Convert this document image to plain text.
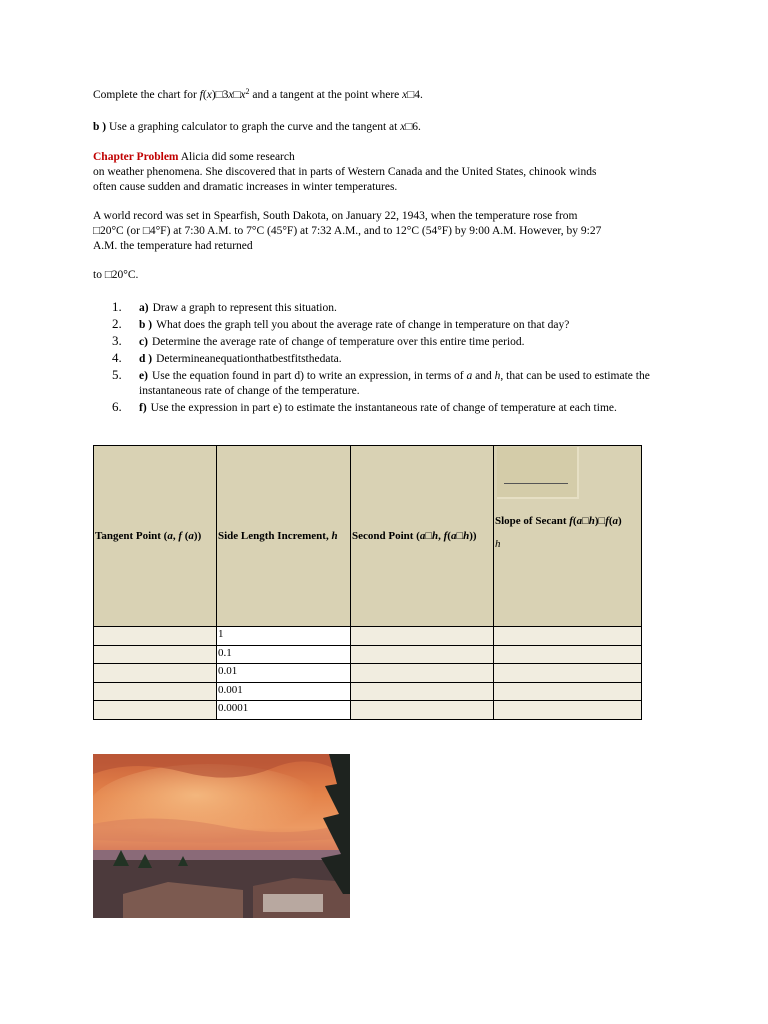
Complete the chart for $f(x)□3x□x^2$ and a tangent at the point where x□4.
b ) Use a graphing calculator to graph the curve and the tangent at x□6.
Chapter Problem Alicia did some research
on weather phenomena. She discovered that in parts of Western Canada and the United States, chinook winds
often cause sudden and dramatic increases in winter temperatures.
A world record was set in Spearfish, South Dakota, on January 22, 1943, when the temperature rose from
□20°C (or □4°F) at 7:30 A.M. to 7°C (45°F) at 7:32 A.M., and to 12°C (54°F) by 9:00 A.M. However, by 9:27
A.M. the temperature had returned
to □20°C.
1. a) Draw a graph to represent this situation.
2. b ) What does the graph tell you about the average rate of change in temperature on that day?
3. c) Determine the average rate of change of temperature over this entire time period.
4. d ) Determineanequationthatbestfitsthedata.
5. e) Use the equation found in part d) to write an expression, in terms of a and h, that can be used to estimate the instantaneous rate of change of the temperature.
6. f) Use the expression in part e) to estimate the instantaneous rate of change of temperature at each time.
Tangent Point (a, f (a))	Side Length Increment, h	Second Point (a□h, f(a□h))	Slope of Secant f(a□h)□f(a)
h

	1		
	0.1		
	0.01		
	0.001		
	0.0001		
